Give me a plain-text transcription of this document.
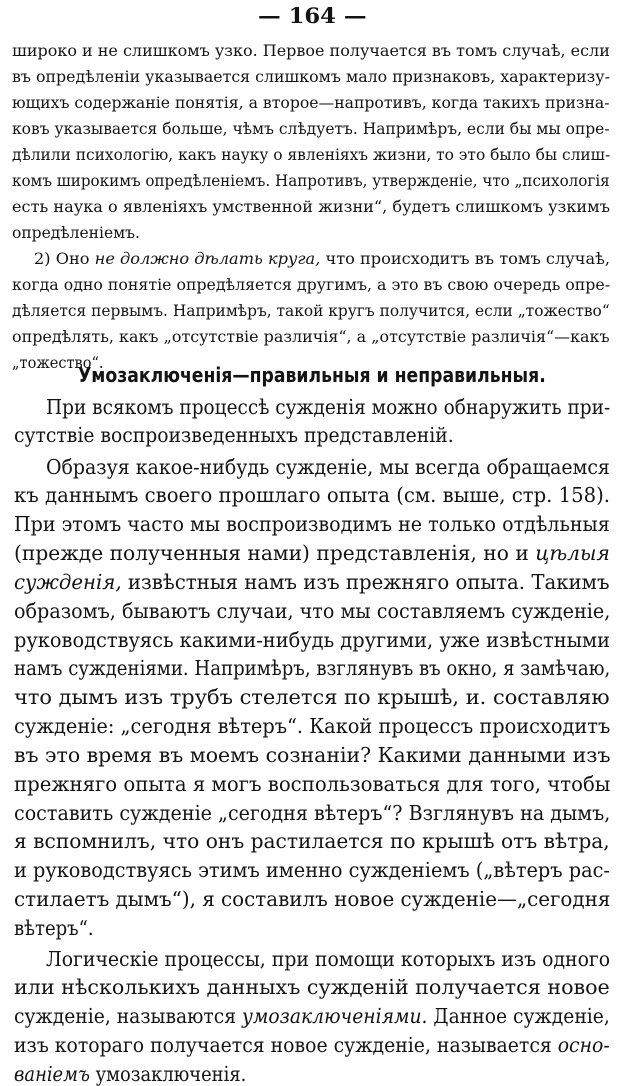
— 164 —
широко и не слишкомъ узко. Первое получается въ томъ случаѣ, если
въ опредѣленіи указывается слишкомъ мало признаковъ, характеризу-
ющихъ содержаніе понятія, а второе—напротивъ, когда такихъ призна-
ковъ указывается больше, чѣмъ слѣдуетъ. Напримѣръ, если бы мы опре-
дѣлили психологію, какъ науку о явленіяхъ жизни, то это было бы слиш-
комъ широкимъ опредѣленіемъ. Напротивъ, утвержденіе, что „психологія
есть наука о явленіяхъ умственной жизни“, будетъ слишкомъ узкимъ
опредѣленіемъ.
2) Оно не должно дѣлать круга, что происходитъ въ томъ случаѣ,
когда одно понятіе опредѣляется другимъ, а это въ свою очередь опре-
дѣляется первымъ. Напримѣръ, такой кругъ получится, если „тожество“
опредѣлять, какъ „отсутствіе различія“, а „отсутствіе различія“—какъ
„тожество“.
Умозаключенія—правильныя и неправильныя.
При всякомъ процессѣ сужденія можно обнаружить при-
сутствіе воспроизведенныхъ представленій.
Образуя какое-нибудь сужденіе, мы всегда обращаемся
къ даннымъ своего прошлаго опыта (см. выше, стр. 158).
При этомъ часто мы воспроизводимъ не только отдѣльныя
(прежде полученныя нами) представленія, но и цѣлыя
сужденія, извѣстныя намъ изъ прежняго опыта. Такимъ
образомъ, бываютъ случаи, что мы составляемъ сужденіе,
руководствуясь какими-нибудь другими, уже извѣстными
намъ сужденіями. Напримѣръ, взглянувъ въ окно, я замѣчаю,
что дымъ изъ трубъ стелется по крышѣ, и. составляю
сужденіе: „сегодня вѣтеръ“. Какой процессъ происходитъ
въ это время въ моемъ сознаніи? Какими данными изъ
прежняго опыта я могъ воспользоваться для того, чтобы
составить сужденіе „сегодня вѣтеръ“? Взглянувъ на дымъ,
я вспомнилъ, что онъ растилается по крышѣ отъ вѣтра,
и руководствуясь этимъ именно сужденіемъ („вѣтеръ рас-
стилаетъ дымъ“), я составилъ новое сужденіе—„сегодня
вѣтеръ“.
Логическіе процессы, при помощи которыхъ изъ одного
или нѣсколькихъ данныхъ сужденій получается новое
сужденіе, называются умозаключеніями. Данное сужденіе,
изъ котораго получается новое сужденіе, называется осно-
ваніемъ умозаключенія.
